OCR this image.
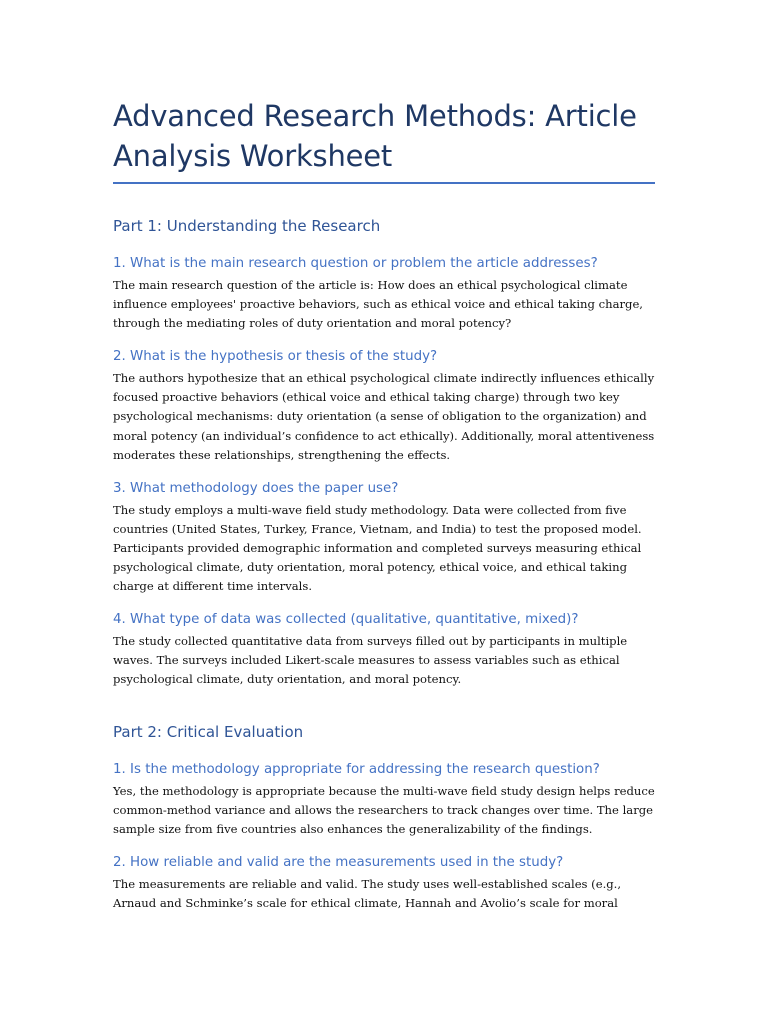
Advanced Research Methods: Article
Analysis Worksheet
Part 1: Understanding the Research
1. What is the main research question or problem the article addresses?

The main research question of the article is: How does an ethical psychological climate
influence employees' proactive behaviors, such as ethical voice and ethical taking charge,
through the mediating roles of duty orientation and moral potency?

2. What is the hypothesis or thesis of the study?

The authors hypothesize that an ethical psychological climate indirectly influences ethically
focused proactive behaviors (ethical voice and ethical taking charge) through two key
psychological mechanisms: duty orientation (a sense of obligation to the organization) and
moral potency (an individual’s confidence to act ethically). Additionally, moral attentiveness
moderates these relationships, strengthening the effects.

3. What methodology does the paper use?

The study employs a multi-wave field study methodology. Data were collected from five
countries (United States, Turkey, France, Vietnam, and India) to test the proposed model.
Participants provided demographic information and completed surveys measuring ethical
psychological climate, duty orientation, moral potency, ethical voice, and ethical taking
charge at different time intervals.

4. What type of data was collected (qualitative, quantitative, mixed)?

The study collected quantitative data from surveys filled out by participants in multiple
waves. The surveys included Likert-scale measures to assess variables such as ethical
psychological climate, duty orientation, and moral potency.

Part 2: Critical Evaluation
1. Is the methodology appropriate for addressing the research question?

Yes, the methodology is appropriate because the multi-wave field study design helps reduce
common-method variance and allows the researchers to track changes over time. The large
sample size from five countries also enhances the generalizability of the findings.

2. How reliable and valid are the measurements used in the study?

The measurements are reliable and valid. The study uses well-established scales (e.g.,
Arnaud and Schminke’s scale for ethical climate, Hannah and Avolio’s scale for moral
